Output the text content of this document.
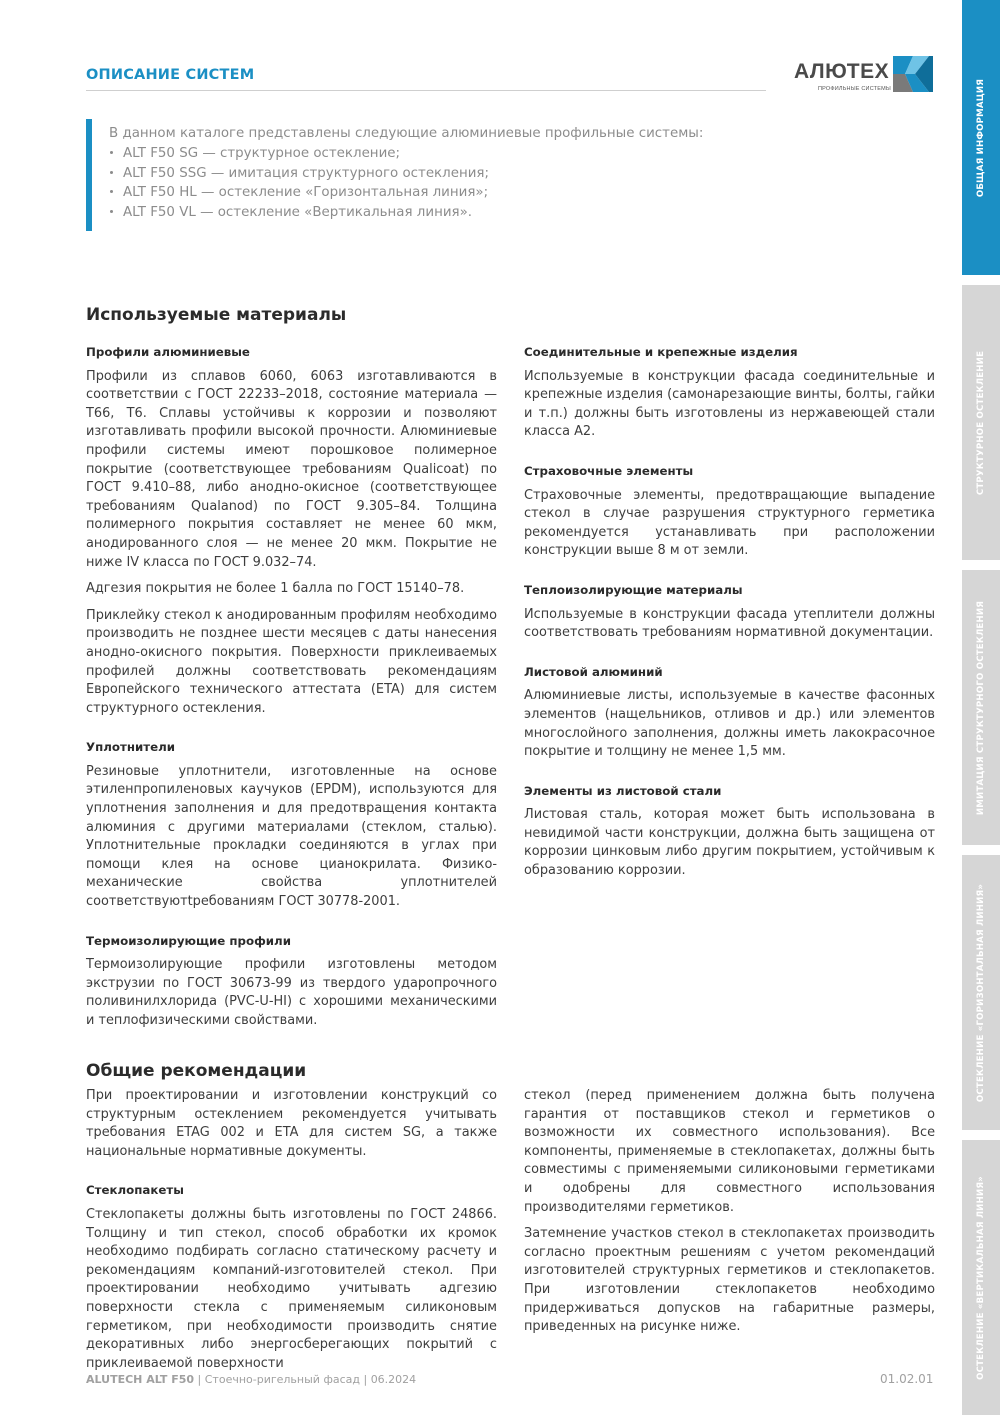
ОПИСАНИЕ СИСТЕМ	АЛЮТЕХ
ПРОФИЛЬНЫЕ СИСТЕМЫ	ОБЩАЯ ИНФОРМАЦИЯ
СТРУКТУРНОЕ ОСТЕКЛЕНИЕ
ИМИТАЦИЯ СТРУКТУРНОГО ОСТЕКЛЕНИЯ
ОСТЕКЛЕНИЕ «ГОРИЗОНТАЛЬНАЯ ЛИНИЯ»
ОСТЕКЛЕНИЕ «ВЕРТИКАЛЬНАЯ ЛИНИЯ»
В данном каталоге представлены следующие алюминиевые профильные системы:
ALT F50 SG — структурное остекление;
ALT F50 SSG — имитация структурного остекления;
ALT F50 HL — остекление «Горизонтальная линия»;
ALT F50 VL — остекление «Вертикальная линия».
Используемые материалы
Профили алюминиевые

Профили из сплавов 6060, 6063 изготавливаются в соответствии с ГОСТ 22233–2018, состояние материала — Т66, Т6. Сплавы устойчивы к коррозии и позволяют изготавливать профили высокой прочности. Алюминиевые профили системы имеют порошковое полимерное покрытие (соответствующее требованиям Qualicoat) по ГОСТ 9.410–88, либо анодно-окисное (соответствующее требованиям Qualanod) по ГОСТ 9.305–84. Толщина полимерного покрытия составляет не менее 60 мкм, анодированного слоя — не менее 20 мкм. Покрытие не ниже IV класса по ГОСТ 9.032–74.

Адгезия покрытия не более 1 балла по ГОСТ 15140–78.

Приклейку стекол к анодированным профилям необходимо производить не позднее шести месяцев с даты нанесения анодно-окисного покрытия. Поверхности приклеиваемых профилей должны соответствовать рекомендациям Европейского технического аттестата (ETA) для систем структурного остекления.

Уплотнители

Резиновые уплотнители, изготовленные на основе этиленпропиленовых каучуков (EPDM), используются для уплотнения заполнения и для предотвращения контакта алюминия с другими материалами (стеклом, сталью). Уплотнительные прокладки соединяются в углах при помощи клея на основе цианокрилата. Физико-механические свойства уплотнителей соответствуютtребованиям ГОСТ 30778-2001.

Термоизолирующие профили

Термоизолирующие профили изготовлены методом экструзии по ГОСТ 30673-99 из твердого ударопрочного поливинилхлорида (PVC-U-HI) с хорошими механическими и теплофизическими свойствами.

Соединительные и крепежные изделия

Используемые в конструкции фасада соединительные и крепежные изделия (самонарезающие винты, болты, гайки и т.п.) должны быть изготовлены из нержавеющей стали класса А2.

Страховочные элементы

Страховочные элементы, предотвращающие выпадение стекол в случае разрушения структурного герметика рекомендуется устанавливать при расположении конструкции выше 8 м от земли.

Теплоизолирующие материалы

Используемые в конструкции фасада утеплители должны соответствовать требованиям нормативной документации.

Листовой алюминий

Алюминиевые листы, используемые в качестве фасонных элементов (нащельников, отливов и др.) или элементов многослойного заполнения, должны иметь лакокрасочное покрытие и толщину не менее 1,5 мм.

Элементы из листовой стали

Листовая сталь, которая может быть использована в невидимой части конструкции, должна быть защищена от коррозии цинковым либо другим покрытием, устойчивым к образованию коррозии.

Общие рекомендации

При проектировании и изготовлении конструкций со структурным остеклением рекомендуется учитывать требования ETAG 002 и ETA для систем SG, а также национальные нормативные документы.

Стеклопакеты

Стеклопакеты должны быть изготовлены по ГОСТ 24866. Толщину и тип стекол, способ обработки их кромок необходимо подбирать согласно статическому расчету и рекомендациям компаний-изготовителей стекол. При проектировании необходимо учитывать адгезию поверхности стекла с применяемым силиконовым герметиком, при необходимости производить снятие декоративных либо энергосберегающих покрытий с приклеиваемой поверхности

стекол (перед применением должна быть получена гарантия от поставщиков стекол и герметиков о возможности их совместного использования). Все компоненты, применяемые в стеклопакетах, должны быть совместимы с применяемыми силиконовыми герметиками и одобрены для совместного использования производителями герметиков.

Затемнение участков стекол в стеклопакетах производить согласно проектным решениям с учетом рекомендаций изготовителей структурных герметиков и стеклопакетов. При изготовлении стеклопакетов необходимо придерживаться допусков на габаритные размеры, приведенных на рисунке ниже.

ALUTECH ALT F50 | Стоечно-ригельный фасад | 06.2024	01.02.01
